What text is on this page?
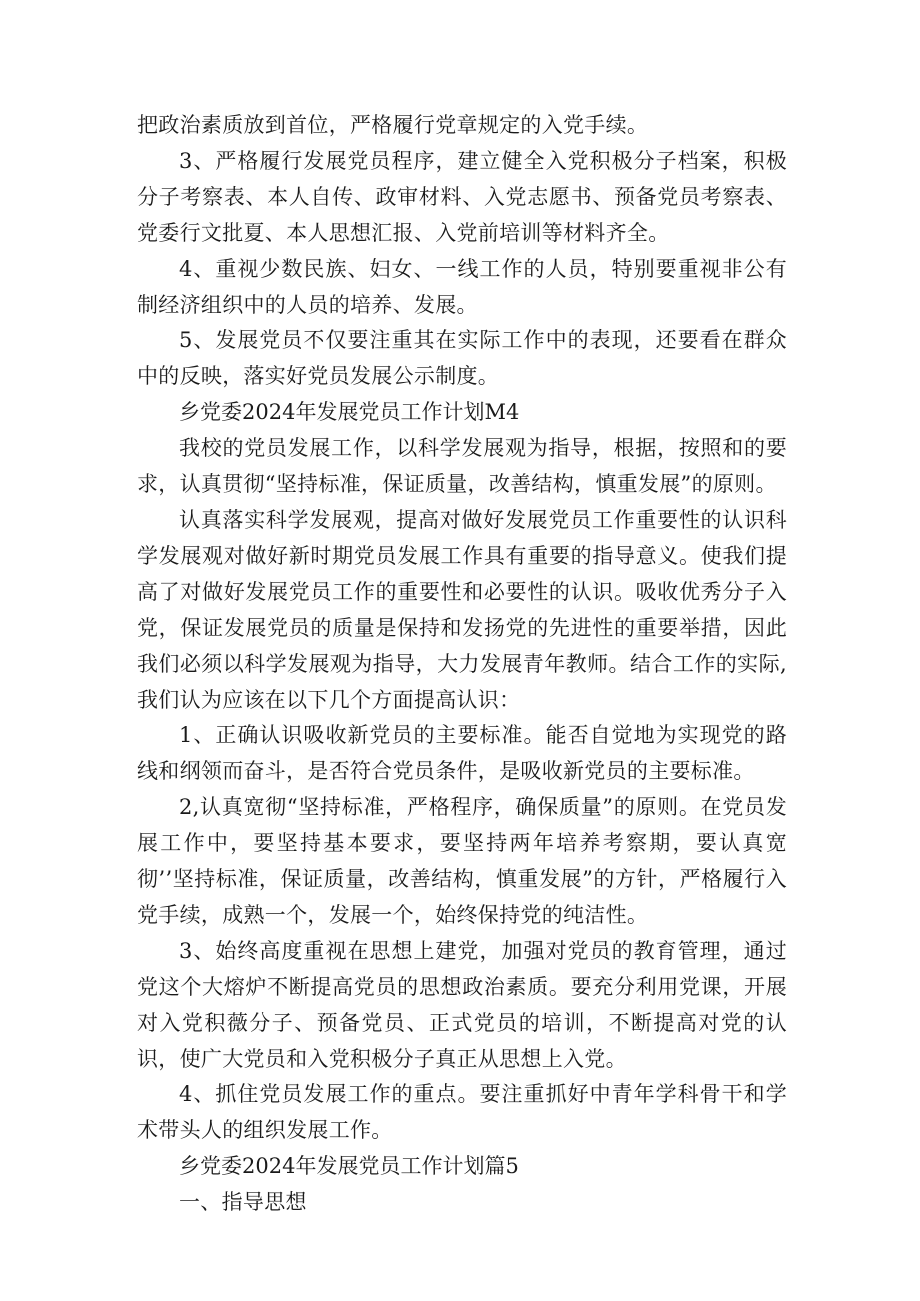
把政治素质放到首位，严格履行党章规定的入党手续。

3、严格履行发展党员程序，建立健全入党积极分子档案，积极分子考察表、本人自传、政审材料、入党志愿书、预备党员考察表、党委行文批夏、本人思想汇报、入党前培训等材料齐全。

4、重视少数民族、妇女、一线工作的人员，特别要重视非公有制经济组织中的人员的培养、发展。

5、发展党员不仅要注重其在实际工作中的表现，还要看在群众中的反映，落实好党员发展公示制度。

乡党委2024年发展党员工作计划M4

我校的党员发展工作，以科学发展观为指导，根据，按照和的要求，认真贯彻“坚持标准，保证质量，改善结构，慎重发展”的原则。

认真落实科学发展观，提高对做好发展党员工作重要性的认识科学发展观对做好新时期党员发展工作具有重要的指导意义。使我们提高了对做好发展党员工作的重要性和必要性的认识。吸收优秀分子入党，保证发展党员的质量是保持和发扬党的先进性的重要举措，因此我们必须以科学发展观为指导，大力发展青年教师。结合工作的实际,我们认为应该在以下几个方面提高认识：

1、正确认识吸收新党员的主要标准。能否自觉地为实现党的路线和纲领而奋斗，是否符合党员条件，是吸收新党员的主要标准。

2,认真宽彻“坚持标准，严格程序，确保质量”的原则。在党员发展工作中，要坚持基本要求，要坚持两年培养考察期，要认真宽彻’’坚持标准，保证质量，改善结构，慎重发展”的方针，严格履行入党手续，成熟一个，发展一个，始终保持党的纯洁性。

3、始终高度重视在思想上建党，加强对党员的教育管理，通过党这个大熔炉不断提高党员的思想政治素质。要充分利用党课，开展对入党积薇分子、预备党员、正式党员的培训，不断提高对党的认识，使广大党员和入党积极分子真正从思想上入党。

4、抓住党员发展工作的重点。要注重抓好中青年学科骨干和学术带头人的组织发展工作。

乡党委2024年发展党员工作计划篇5

一、指导思想
